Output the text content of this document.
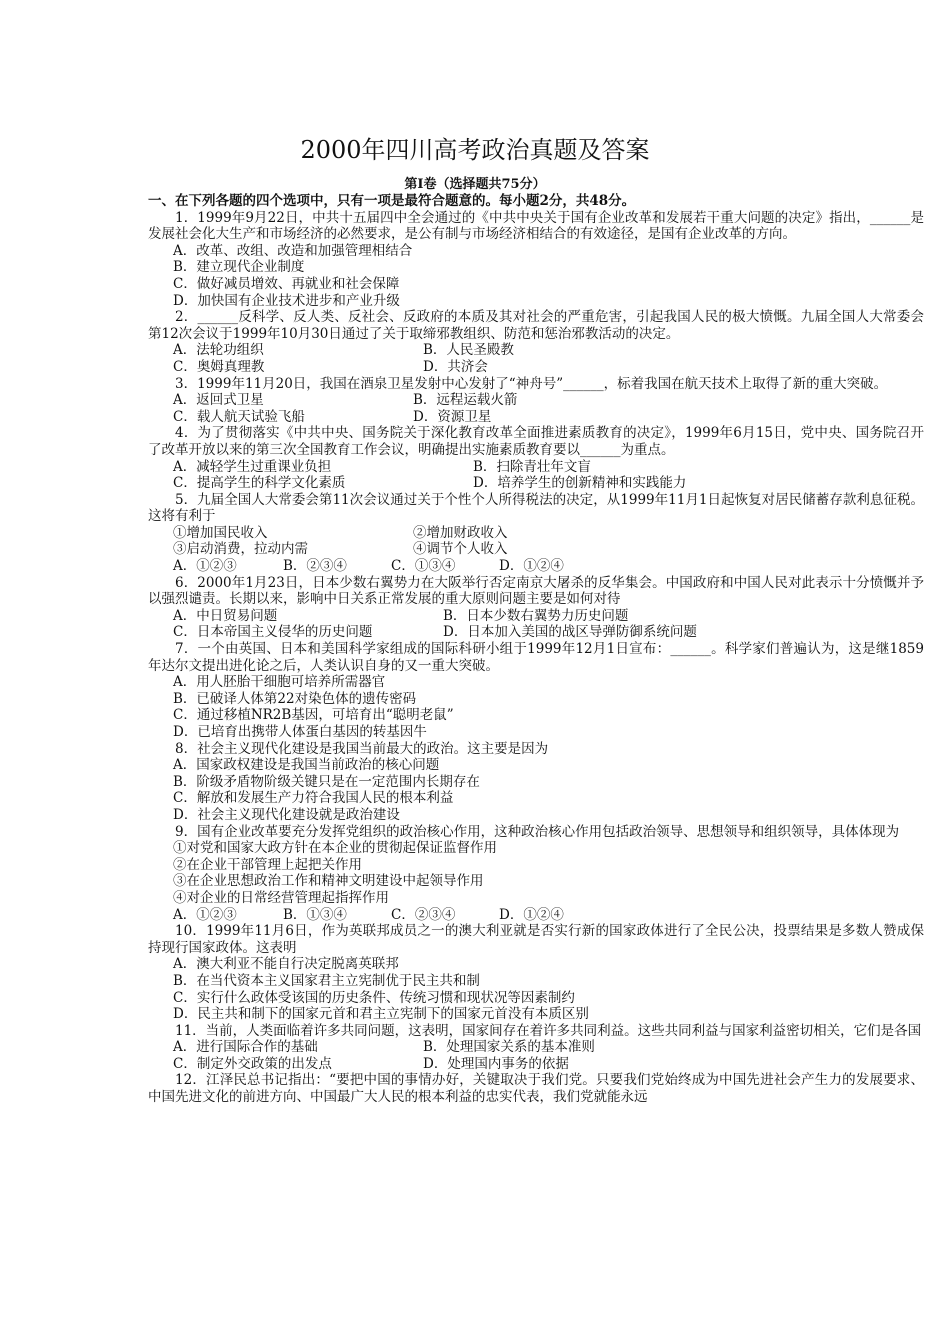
2000年四川高考政治真题及答案
第Ⅰ卷（选择题共75分）
一、在下列各题的四个选项中，只有一项是最符合题意的。每小题2分，共48分。
1．1999年9月22日，中共十五届四中全会通过的《中共中央关于国有企业改革和发展若干重大问题的决定》指出，______是发展社会化大生产和市场经济的必然要求，是公有制与市场经济相结合的有效途径，是国有企业改革的方向。
A．改革、改组、改造和加强管理相结合
B．建立现代企业制度
C．做好减员增效、再就业和社会保障
D．加快国有企业技术进步和产业升级
2．______反科学、反人类、反社会、反政府的本质及其对社会的严重危害，引起我国人民的极大愤慨。九届全国人大常委会第12次会议于1999年10月30日通过了关于取缔邪教组织、防范和惩治邪教活动的决定。
A．法轮功组织	B．人民圣殿教
C．奥姆真理教	D．共济会
3．1999年11月20日，我国在酒泉卫星发射中心发射了“神舟号”______，标着我国在航天技术上取得了新的重大突破。
A．返回式卫星	B．远程运载火箭
C．载人航天试验飞船	D．资源卫星
4．为了贯彻落实《中共中央、国务院关于深化教育改革全面推进素质教育的决定》，1999年6月15日，党中央、国务院召开了改革开放以来的第三次全国教育工作会议，明确提出实施素质教育要以______为重点。
A．减轻学生过重课业负担	B．扫除青壮年文盲
C．提高学生的科学文化素质	D．培养学生的创新精神和实践能力
5．九届全国人大常委会第11次会议通过关于个性个人所得税法的决定，从1999年11月1日起恢复对居民储蓄存款利息征税。这将有利于
①增加国民收入	②增加财政收入
③启动消费，拉动内需	④调节个人收入
A．①②③	B．②③④	C．①③④	D．①②④
6．2000年1月23日，日本少数右翼势力在大阪举行否定南京大屠杀的反华集会。中国政府和中国人民对此表示十分愤慨并予以强烈谴责。长期以来，影响中日关系正常发展的重大原则问题主要是如何对待
A．中日贸易问题	B．日本少数右翼势力历史问题
C．日本帝国主义侵华的历史问题	D．日本加入美国的战区导弹防御系统问题
7．一个由英国、日本和美国科学家组成的国际科研小组于1999年12月1日宣布：______。科学家们普遍认为，这是继1859年达尔文提出进化论之后，人类认识自身的又一重大突破。
A．用人胚胎干细胞可培养所需器官
B．已破译人体第22对染色体的遗传密码
C．通过移植NR2B基因，可培育出“聪明老鼠”
D．已培育出携带人体蛋白基因的转基因牛
8．社会主义现代化建设是我国当前最大的政治。这主要是因为
A．国家政权建设是我国当前政治的核心问题
B．阶级矛盾物阶级关键只是在一定范围内长期存在
C．解放和发展生产力符合我国人民的根本利益
D．社会主义现代化建设就是政治建设
9．国有企业改革要充分发挥党组织的政治核心作用，这种政治核心作用包括政治领导、思想领导和组织领导，具体体现为
①对党和国家大政方针在本企业的贯彻起保证监督作用
②在企业干部管理上起把关作用
③在企业思想政治工作和精神文明建设中起领导作用
④对企业的日常经营管理起指挥作用
A．①②③	B．①③④	C．②③④	D．①②④
10．1999年11月6日，作为英联邦成员之一的澳大利亚就是否实行新的国家政体进行了全民公决，投票结果是多数人赞成保持现行国家政体。这表明
A．澳大利亚不能自行决定脱离英联邦
B．在当代资本主义国家君主立宪制优于民主共和制
C．实行什么政体受该国的历史条件、传统习惯和现状况等因素制约
D．民主共和制下的国家元首和君主立宪制下的国家元首没有本质区别
11．当前，人类面临着许多共同问题，这表明，国家间存在着许多共同利益。这些共同利益与国家利益密切相关，它们是各国
A．进行国际合作的基础	B．处理国家关系的基本准则
C．制定外交政策的出发点	D．处理国内事务的依据
12．江泽民总书记指出：“要把中国的事情办好，关键取决于我们党。只要我们党始终成为中国先进社会产生力的发展要求、中国先进文化的前进方向、中国最广大人民的根本利益的忠实代表，我们党就能永远
